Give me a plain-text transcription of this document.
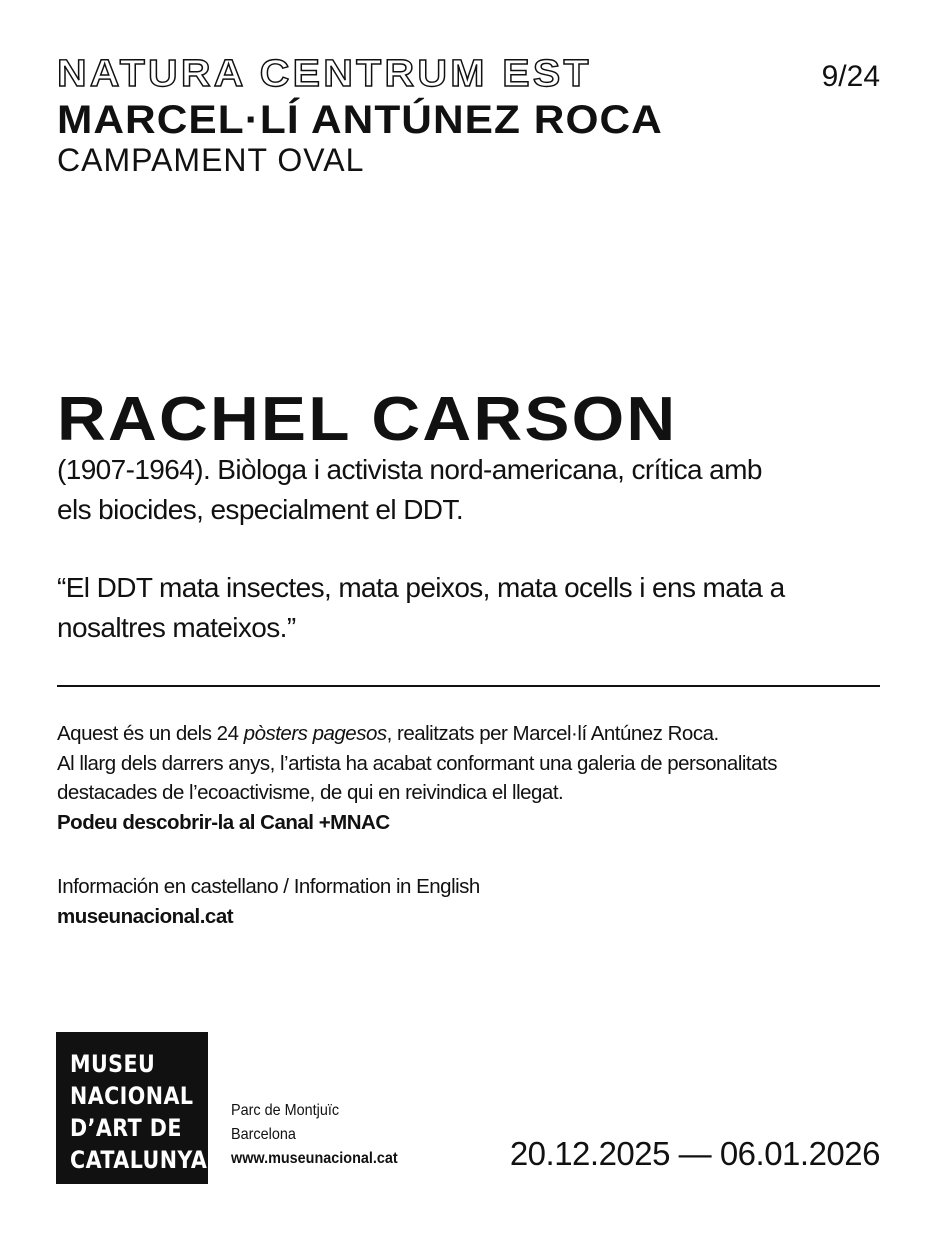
NATURA CENTRUM EST	9/24
MARCEL·LÍ ANTÚNEZ ROCA
CAMPAMENT OVAL
RACHEL CARSON
(1907-1964). Biòloga i activista nord-americana, crítica amb
els biocides, especialment el DDT.
“El DDT mata insectes, mata peixos, mata ocells i ens mata a
nosaltres mateixos.”

Aquest és un dels 24 pòsters pagesos, realitzats per Marcel·lí Antúnez Roca.

Al llarg dels darrers anys, l’artista ha acabat conformant una galeria de personalitats

destacades de l’ecoactivisme, de qui en reivindica el llegat.

Podeu descobrir-la al Canal +MNAC

Información en castellano / Information in English

museunacional.cat

MUSEU
NACIONAL
D’ART DE
CATALUNYA
Parc de Montjuïc
Barcelona
www.museunacional.cat	20.12.2025 — 06.01.2026
